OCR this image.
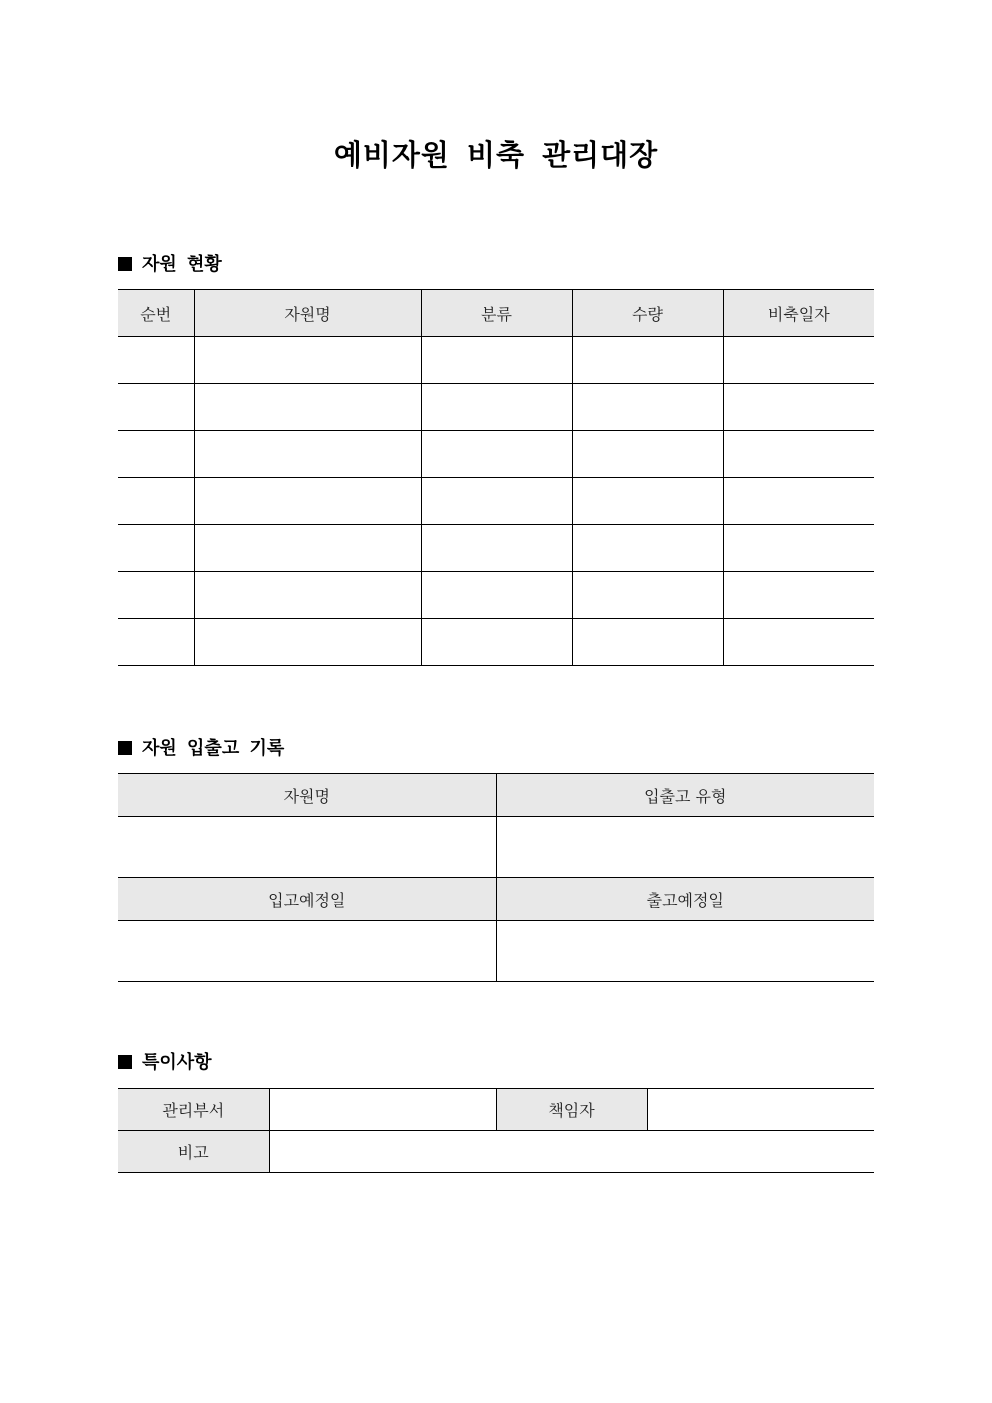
예비자원 비축 관리대장
자원 현황
순번	자원명	분류	수량	비축일자

자원 입출고 기록
자원명	입출고 유형

입고예정일	출고예정일

특이사항
관리부서		책임자	
비고			
